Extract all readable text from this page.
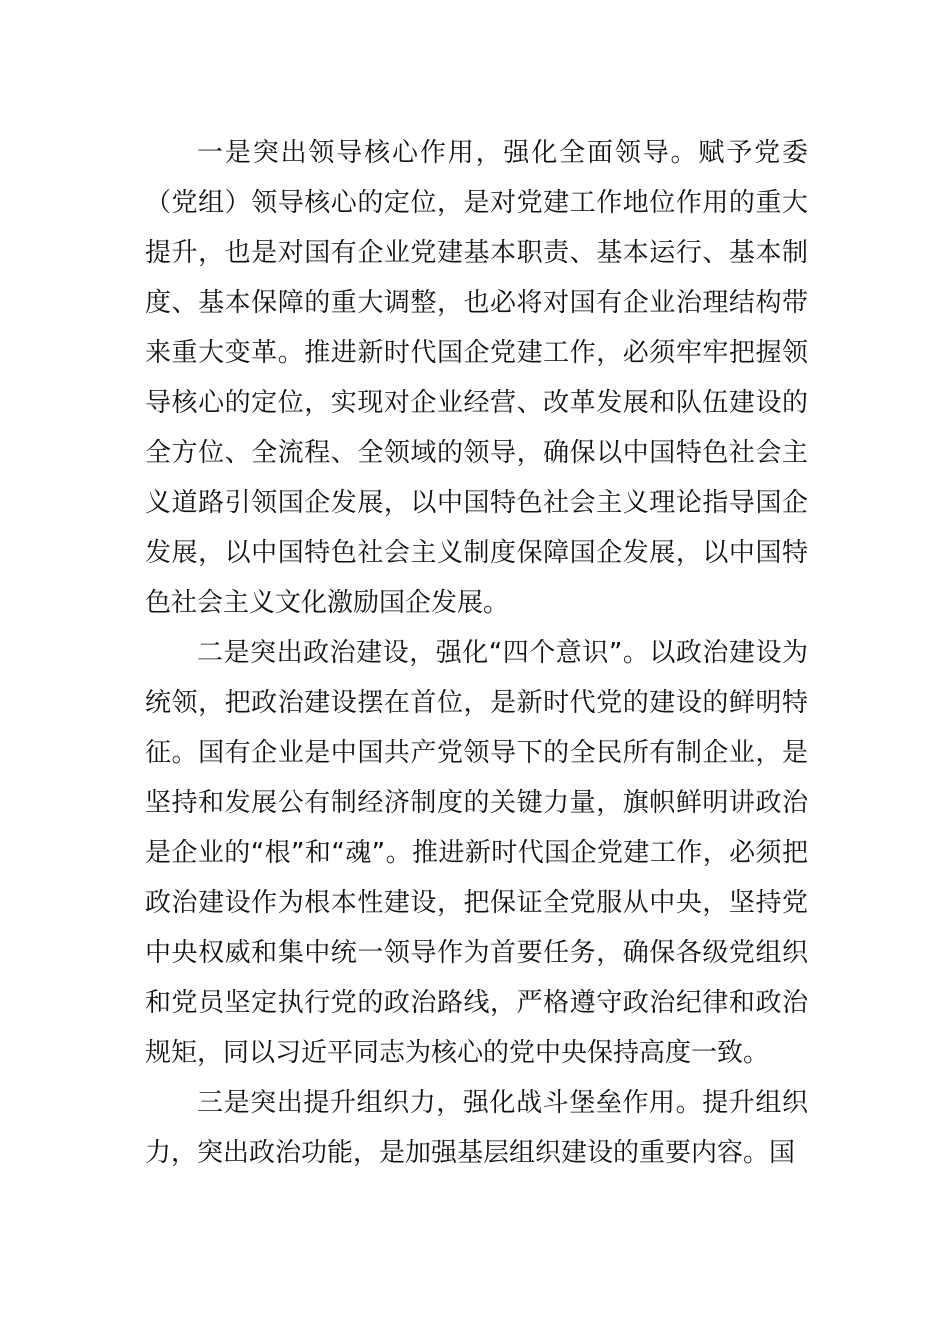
一是突出领导核心作用，强化全面领导。赋予党委（党组）领导核心的定位，是对党建工作地位作用的重大提升，也是对国有企业党建基本职责、基本运行、基本制度、基本保障的重大调整，也必将对国有企业治理结构带来重大变革。推进新时代国企党建工作，必须牢牢把握领导核心的定位，实现对企业经营、改革发展和队伍建设的全方位、全流程、全领域的领导，确保以中国特色社会主义道路引领国企发展，以中国特色社会主义理论指导国企发展，以中国特色社会主义制度保障国企发展，以中国特色社会主义文化激励国企发展。

二是突出政治建设，强化“四个意识”。以政治建设为统领，把政治建设摆在首位，是新时代党的建设的鲜明特征。国有企业是中国共产党领导下的全民所有制企业，是坚持和发展公有制经济制度的关键力量，旗帜鲜明讲政治是企业的“根”和“魂”。推进新时代国企党建工作，必须把政治建设作为根本性建设，把保证全党服从中央，坚持党中央权威和集中统一领导作为首要任务，确保各级党组织和党员坚定执行党的政治路线，严格遵守政治纪律和政治规矩，同以习近平同志为核心的党中央保持高度一致。

三是突出提升组织力，强化战斗堡垒作用。提升组织力，突出政治功能，是加强基层组织建设的重要内容。国
